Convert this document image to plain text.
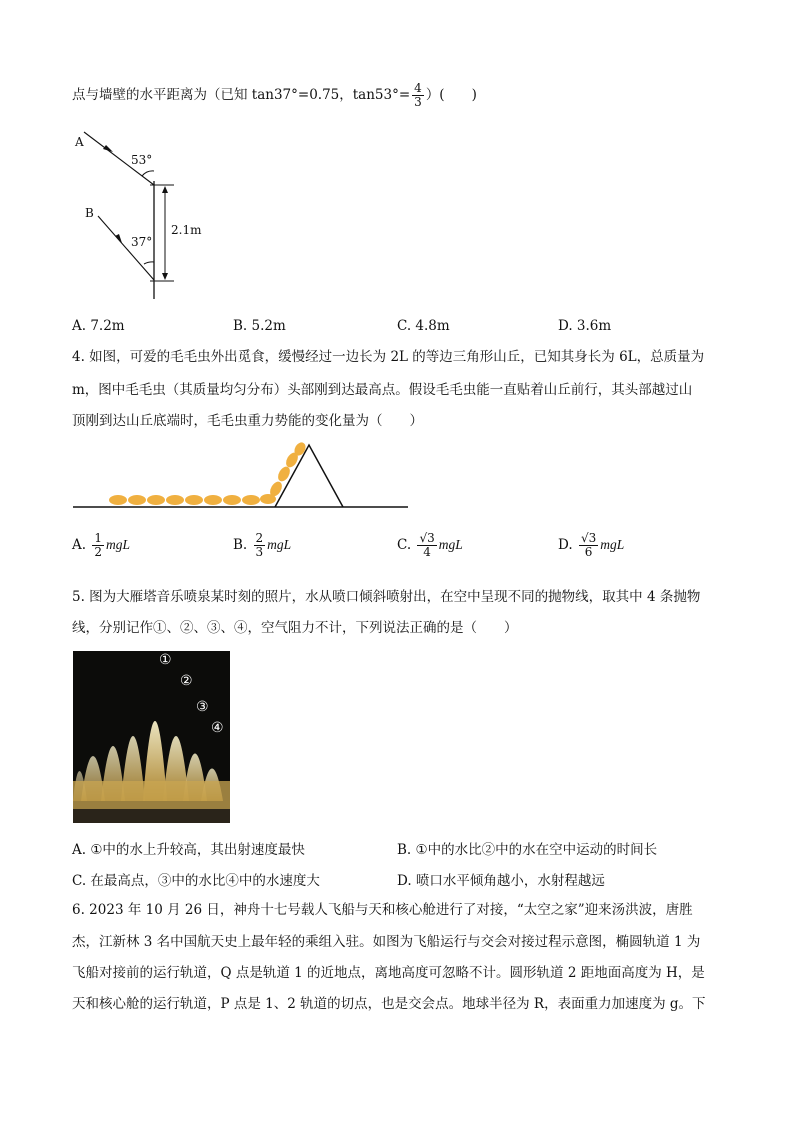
点与墙壁的水平距离为（已知 tan37°=0.75，$\tan 53^\circ= \frac{4}{3}$ ）(　　)
A
B
53°
37°
2.1m
A. 7.2m	B. 5.2m	C. 4.8m	D. 3.6m
4. 如图，可爱的毛毛虫外出觅食，缓慢经过一边长为 2L 的等边三角形山丘，已知其身长为 6L，总质量为
m，图中毛毛虫（其质量均匀分布）头部刚到达最高点。假设毛毛虫能一直贴着山丘前行，其头部越过山
顶刚到达山丘底端时，毛毛虫重力势能的变化量为（　　）
A. $\frac{1}{2}$ mgL	B. $\frac{2}{3}$ mgL	C. $\frac{√3}{4}$ mgL	D. $\frac{√3}{6}$ mgL
5. 图为大雁塔音乐喷泉某时刻的照片，水从喷口倾斜喷射出，在空中呈现不同的抛物线，取其中 4 条抛物
线，分别记作①、②、③、④，空气阻力不计，下列说法正确的是（　　）
①
②
③
④
A. ①中的水上升较高，其出射速度最快	B. ①中的水比②中的水在空中运动的时间长
C. 在最高点，③中的水比④中的水速度大	D. 喷口水平倾角越小，水射程越远
6. 2023 年 10 月 26 日，神舟十七号载人飞船与天和核心舱进行了对接，“太空之家”迎来汤洪波，唐胜
杰，江新林 3 名中国航天史上最年轻的乘组入驻。如图为飞船运行与交会对接过程示意图，椭圆轨道 1 为
飞船对接前的运行轨道，Q 点是轨道 1 的近地点，离地高度可忽略不计。圆形轨道 2 距地面高度为 H，是
天和核心舱的运行轨道，P 点是 1、2 轨道的切点，也是交会点。地球半径为 R，表面重力加速度为 g。下
